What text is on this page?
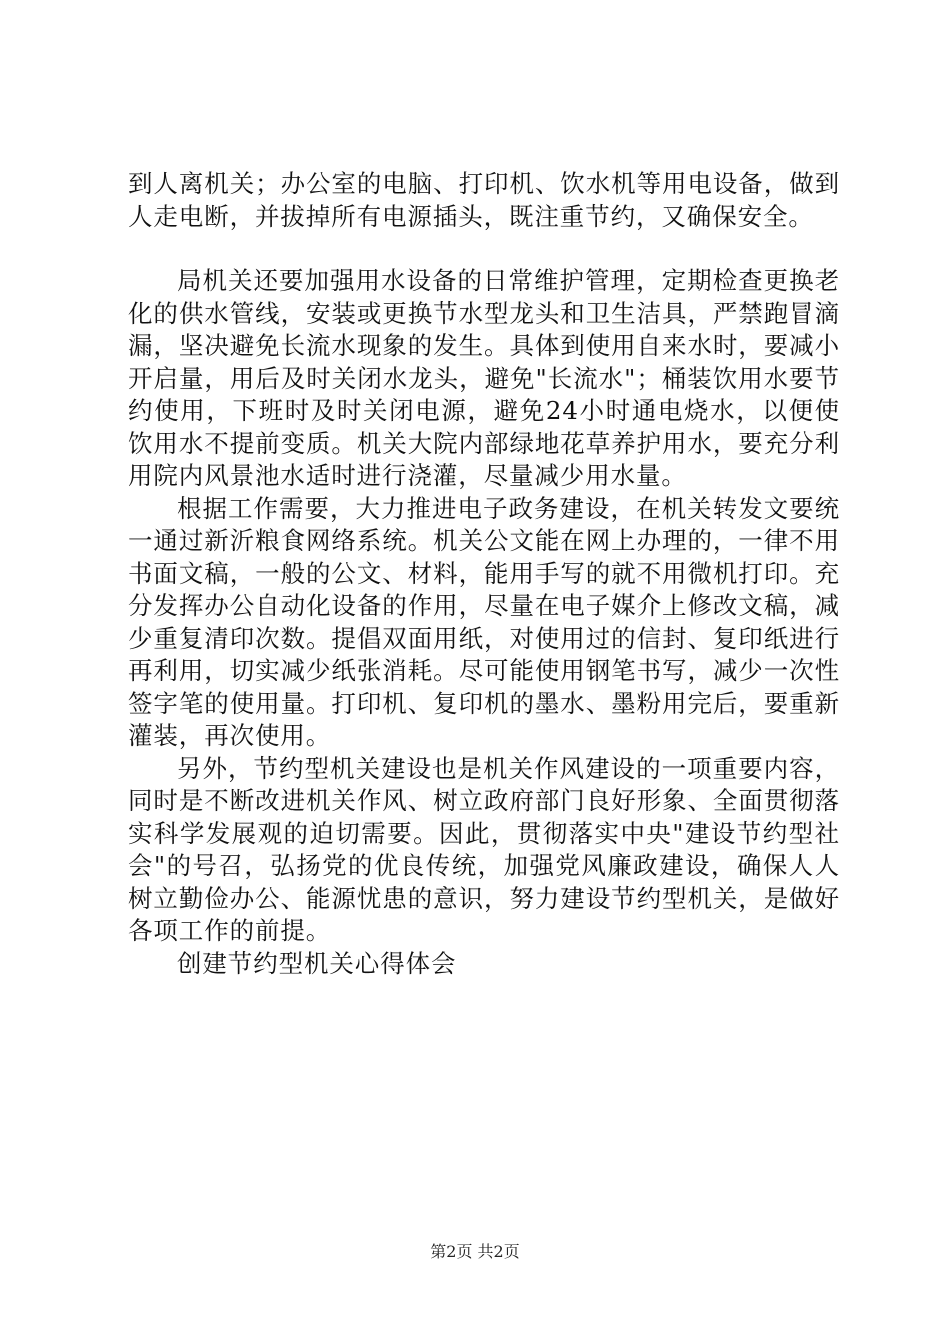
到人离机关；办公室的电脑、打印机、饮水机等用电设备，做到人走电断，并拔掉所有电源插头，既注重节约，又确保安全。

局机关还要加强用水设备的日常维护管理，定期检查更换老化的供水管线，安装或更换节水型龙头和卫生洁具，严禁跑冒滴漏，坚决避免长流水现象的发生。具体到使用自来水时，要减小开启量，用后及时关闭水龙头，避免"长流水"；桶装饮用水要节约使用，下班时及时关闭电源，避免24小时通电烧水，以便使饮用水不提前变质。机关大院内部绿地花草养护用水，要充分利用院内风景池水适时进行浇灌，尽量减少用水量。

根据工作需要，大力推进电子政务建设，在机关转发文要统一通过新沂粮食网络系统。机关公文能在网上办理的，一律不用书面文稿，一般的公文、材料，能用手写的就不用微机打印。充分发挥办公自动化设备的作用，尽量在电子媒介上修改文稿，减少重复清印次数。提倡双面用纸，对使用过的信封、复印纸进行再利用，切实减少纸张消耗。尽可能使用钢笔书写，减少一次性签字笔的使用量。打印机、复印机的墨水、墨粉用完后，要重新灌装，再次使用。

另外，节约型机关建设也是机关作风建设的一项重要内容，同时是不断改进机关作风、树立政府部门良好形象、全面贯彻落实科学发展观的迫切需要。因此，贯彻落实中央"建设节约型社会"的号召，弘扬党的优良传统，加强党风廉政建设，确保人人树立勤俭办公、能源忧患的意识，努力建设节约型机关，是做好各项工作的前提。

创建节约型机关心得体会

第2页 共2页
